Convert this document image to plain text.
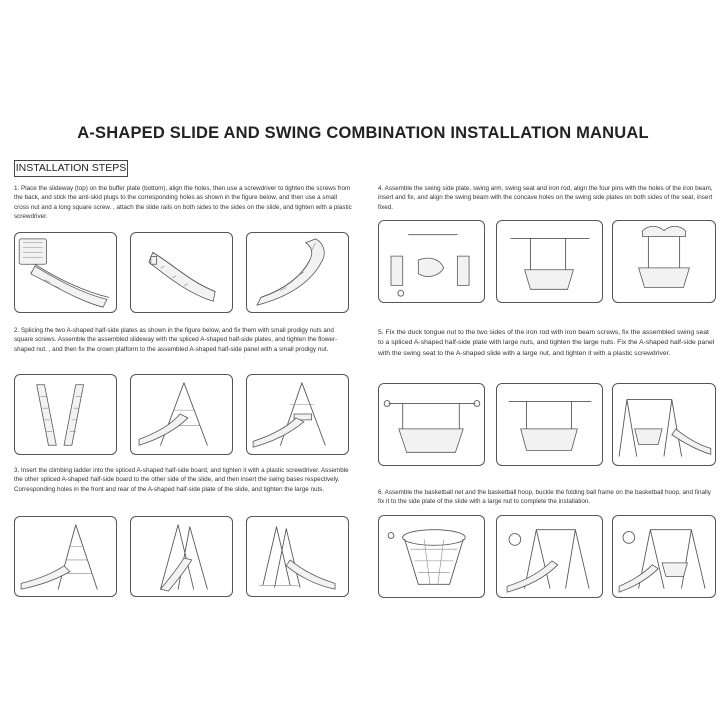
A-SHAPED SLIDE AND SWING COMBINATION INSTALLATION MANUAL
INSTALLATION STEPS
1. Place the slideway (top) on the buffer plate (bottom), align the holes, then use a screwdriver to tighten the screws from the back, and stick the anti-skid plugs to the corresponding holes as shown in the figure below, and then use a small cross nut and a long square screw. , attach the slide rails on both sides to the sides on the slide, and tighten with a plastic screwdriver.
2. Splicing the two A-shaped half-side plates as shown in the figure below, and fix them with small prodigy nuts and square screws. Assemble the assembled slideway with the spliced A-shaped half-side plates, and tighten the flower-shaped nut. , and then fix the crown platform to the assembled A-shaped half-side panel with a small prodigy nut.
3. Insert the climbing ladder into the spliced A-shaped half-side board, and tighten it with a plastic screwdriver. Assemble the other spliced A-shaped half-side board to the other side of the slide, and then insert the swing bases respectively. Corresponding holes in the front and rear of the A-shaped half-side plate of the slide, and tighten the large nuts.
4. Assemble the swing side plate, swing arm, swing seat and iron rod, align the four pins with the holes of the iron beam, insert and fix, and align the swing beam with the concave holes on the swing side plates on both sides of the seat, insert fixed.
5. Fix the duck tongue nut to the two sides of the iron rod with iron beam screws, fix the assembled swing seat to a spliced A-shaped half-side plate with large nuts, and tighten the large nuts. Fix the A-shaped half-side panel with the swing seat to the A-shaped slide with a large nut, and tighten it with a plastic screwdriver.
6. Assemble the basketball net and the basketball hoop, buckle the folding ball frame on the basketball hoop, and finally fix it to the side plate of the slide with a large nut to complete the installation.
